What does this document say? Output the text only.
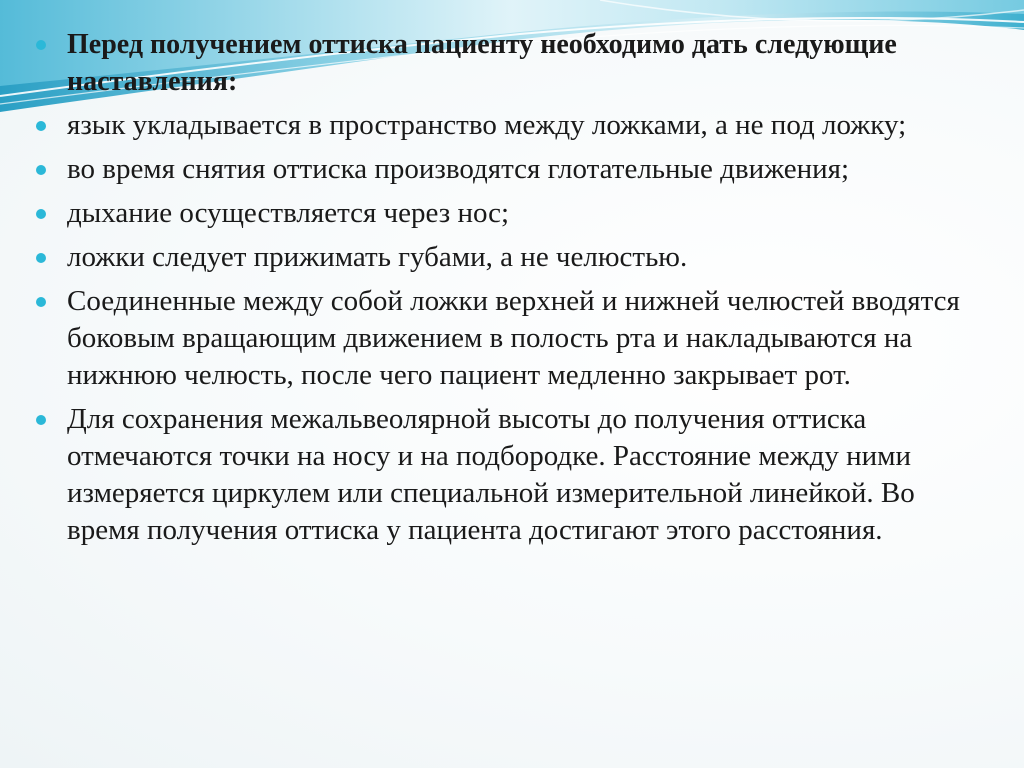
Перед получением оттиска пациенту необходимо дать следующие наставления:
язык укладывается в пространство между ложками, а не под ложку;
во время снятия оттиска производятся глотательные движения;
дыхание осуществляется через нос;
ложки следует прижимать губами, а не челюстью.
Соединенные между собой ложки верхней и нижней челюстей вводятся боковым вращающим движением в полость рта и накладываются на нижнюю челюсть, после чего пациент медленно закрывает рот.
Для сохранения межальвеолярной высоты до получения оттиска отмечаются точки на носу и на подбородке. Расстояние между ними измеряется циркулем или специальной измерительной линейкой. Во время получения оттиска у пациента достигают этого расстояния.
